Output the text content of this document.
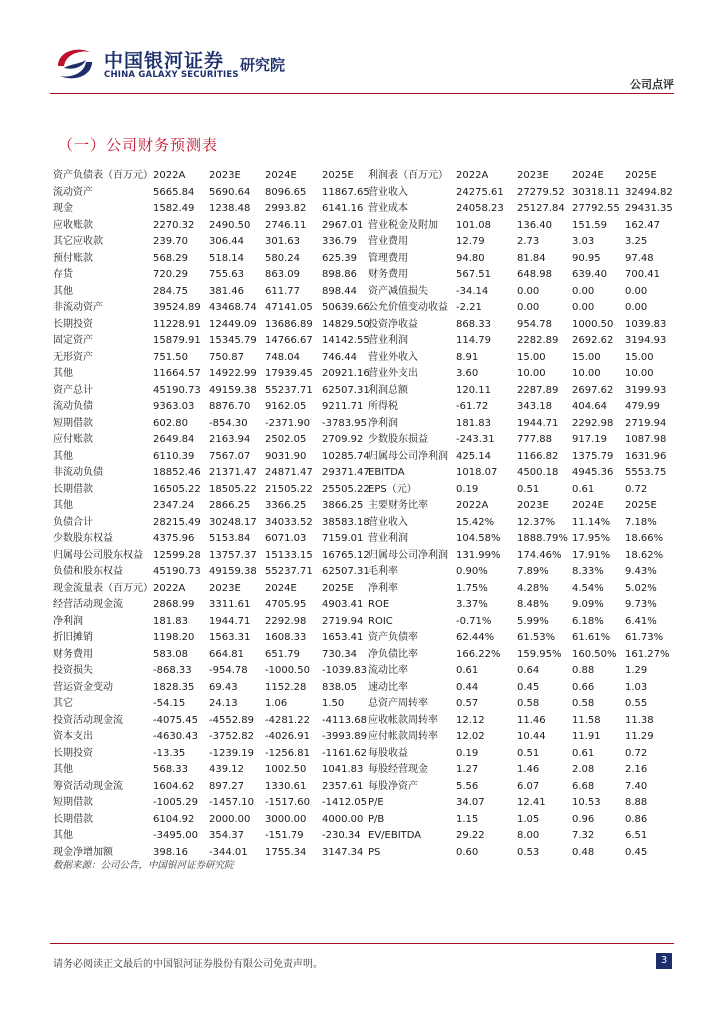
中国银河证券
CHINA GALAXY SECURITIES
研究院
公司点评
（一）公司财务预测表
资产负债表（百万元）	2022A	2023E	2024E	2025E
流动资产	5665.84	5690.64	8096.65	11867.65
现金	1582.49	1238.48	2993.82	6141.16
应收账款	2270.32	2490.50	2746.11	2967.01
其它应收款	239.70	306.44	301.63	336.79
预付账款	568.29	518.14	580.24	625.39
存货	720.29	755.63	863.09	898.86
其他	284.75	381.46	611.77	898.44
非流动资产	39524.89	43468.74	47141.05	50639.66
长期投资	11228.91	12449.09	13686.89	14829.50
固定资产	15879.91	15345.79	14766.67	14142.55
无形资产	751.50	750.87	748.04	746.44
其他	11664.57	14922.99	17939.45	20921.16
资产总计	45190.73	49159.38	55237.71	62507.31
流动负债	9363.03	8876.70	9162.05	9211.71
短期借款	602.80	-854.30	-2371.90	-3783.95
应付账款	2649.84	2163.94	2502.05	2709.92
其他	6110.39	7567.07	9031.90	10285.74
非流动负债	18852.46	21371.47	24871.47	29371.47
长期借款	16505.22	18505.22	21505.22	25505.22
其他	2347.24	2866.25	3366.25	3866.25
负债合计	28215.49	30248.17	34033.52	38583.18
少数股东权益	4375.96	5153.84	6071.03	7159.01
归属母公司股东权益	12599.28	13757.37	15133.15	16765.12
负债和股东权益	45190.73	49159.38	55237.71	62507.31
现金流量表（百万元）	2022A	2023E	2024E	2025E
经营活动现金流	2868.99	3311.61	4705.95	4903.41
净利润	181.83	1944.71	2292.98	2719.94
折旧摊销	1198.20	1563.31	1608.33	1653.41
财务费用	583.08	664.81	651.79	730.34
投资损失	-868.33	-954.78	-1000.50	-1039.83
营运资金变动	1828.35	69.43	1152.28	838.05
其它	-54.15	24.13	1.06	1.50
投资活动现金流	-4075.45	-4552.89	-4281.22	-4113.68
资本支出	-4630.43	-3752.82	-4026.91	-3993.89
长期投资	-13.35	-1239.19	-1256.81	-1161.62
其他	568.33	439.12	1002.50	1041.83
筹资活动现金流	1604.62	897.27	1330.61	2357.61
短期借款	-1005.29	-1457.10	-1517.60	-1412.05
长期借款	6104.92	2000.00	3000.00	4000.00
其他	-3495.00	354.37	-151.79	-230.34
现金净增加额	398.16	-344.01	1755.34	3147.34
利润表（百万元）	2022A	2023E	2024E	2025E
营业收入	24275.61	27279.52	30318.11	32494.82
营业成本	24058.23	25127.84	27792.55	29431.35
营业税金及附加	101.08	136.40	151.59	162.47
营业费用	12.79	2.73	3.03	3.25
管理费用	94.80	81.84	90.95	97.48
财务费用	567.51	648.98	639.40	700.41
资产减值损失	-34.14	0.00	0.00	0.00
公允价值变动收益	-2.21	0.00	0.00	0.00
投资净收益	868.33	954.78	1000.50	1039.83
营业利润	114.79	2282.89	2692.62	3194.93
营业外收入	8.91	15.00	15.00	15.00
营业外支出	3.60	10.00	10.00	10.00
利润总额	120.11	2287.89	2697.62	3199.93
所得税	-61.72	343.18	404.64	479.99
净利润	181.83	1944.71	2292.98	2719.94
少数股东损益	-243.31	777.88	917.19	1087.98
归属母公司净利润	425.14	1166.82	1375.79	1631.96
EBITDA	1018.07	4500.18	4945.36	5553.75
EPS（元）	0.19	0.51	0.61	0.72
主要财务比率	2022A	2023E	2024E	2025E
营业收入	15.42%	12.37%	11.14%	7.18%
营业利润	104.58%	1888.79%	17.95%	18.66%
归属母公司净利润	131.99%	174.46%	17.91%	18.62%
毛利率	0.90%	7.89%	8.33%	9.43%
净利率	1.75%	4.28%	4.54%	5.02%
ROE	3.37%	8.48%	9.09%	9.73%
ROIC	-0.71%	5.99%	6.18%	6.41%
资产负债率	62.44%	61.53%	61.61%	61.73%
净负债比率	166.22%	159.95%	160.50%	161.27%
流动比率	0.61	0.64	0.88	1.29
速动比率	0.44	0.45	0.66	1.03
总资产周转率	0.57	0.58	0.58	0.55
应收帐款周转率	12.12	11.46	11.58	11.38
应付帐款周转率	12.02	10.44	11.91	11.29
每股收益	0.19	0.51	0.61	0.72
每股经营现金	1.27	1.46	2.08	2.16
每股净资产	5.56	6.07	6.68	7.40
P/E	34.07	12.41	10.53	8.88
P/B	1.15	1.05	0.96	0.86
EV/EBITDA	29.22	8.00	7.32	6.51
PS	0.60	0.53	0.48	0.45
数据来源：公司公告，中国银河证券研究院
请务必阅读正文最后的中国银河证券股份有限公司免责声明。	3
